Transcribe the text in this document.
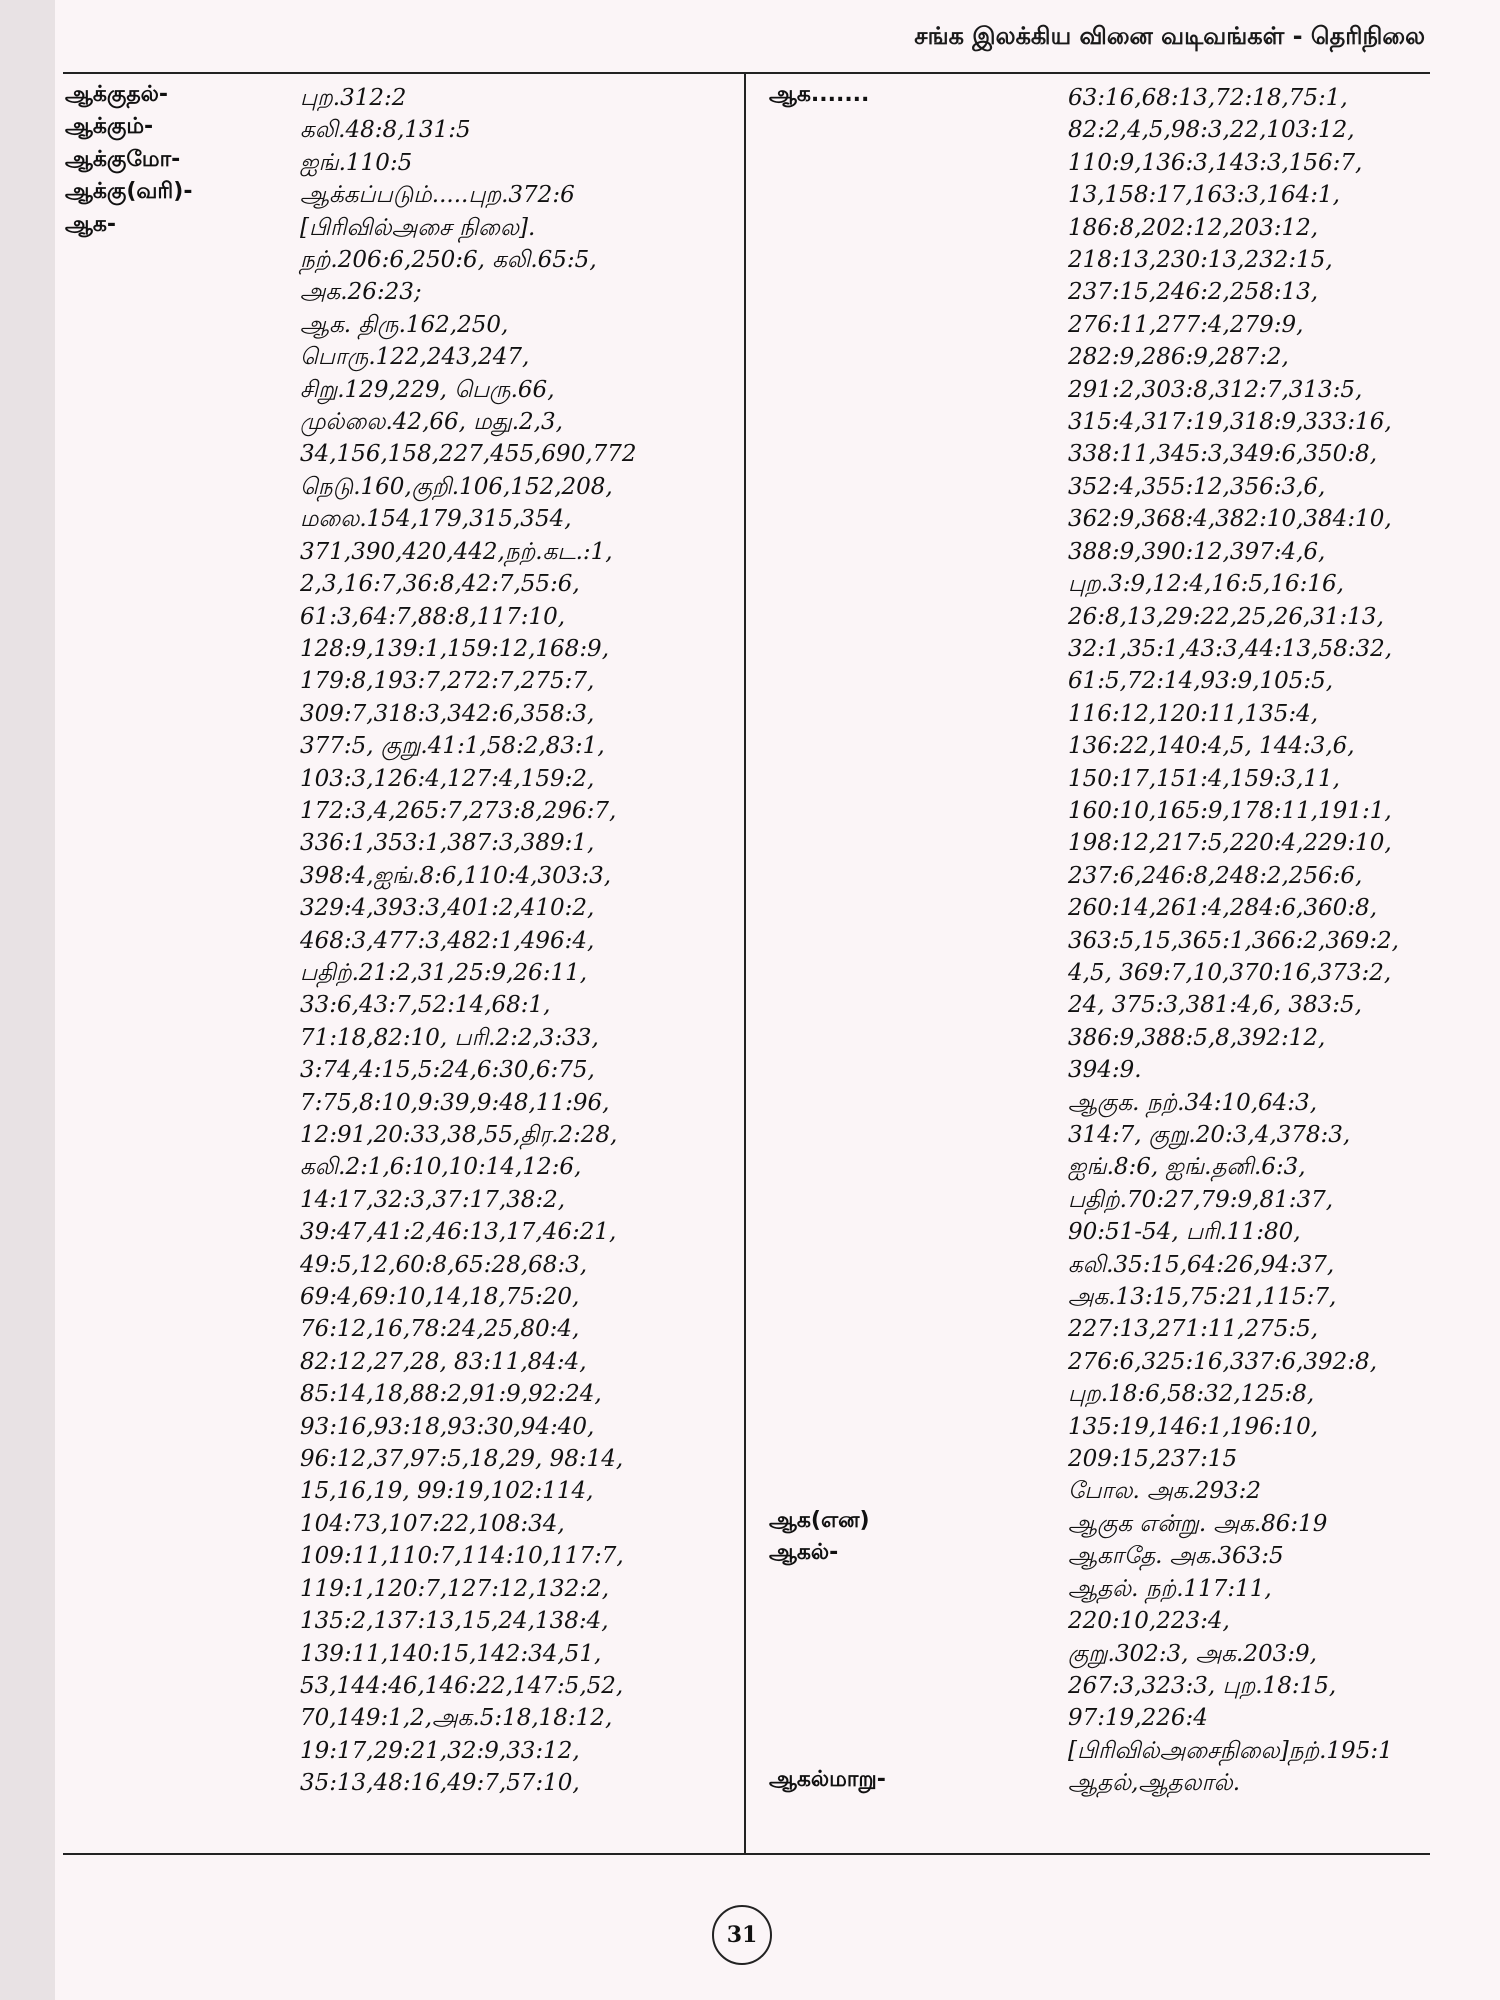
சங்க இலக்கிய வினை வடிவங்கள் - தெரிநிலை
ஆக்குதல்-	புற.312:2
ஆக்கும்-	கலி.48:8,131:5
ஆக்குமோ-	ஐங்.110:5
ஆக்கு(வரி)-	ஆக்கப்படும்.....புற.372:6
ஆக-	[பிரிவில்அசை நிலை].
நற்.206:6,250:6, கலி.65:5,
அக.26:23;
ஆக. திரு.162,250,
பொரு.122,243,247,
சிறு.129,229, பெரு.66,
முல்லை.42,66, மது.2,3,
34,156,158,227,455,690,772
நெடு.160,குறி.106,152,208,
மலை.154,179,315,354,
371,390,420,442,நற்.கட.:1,
2,3,16:7,36:8,42:7,55:6,
61:3,64:7,88:8,117:10,
128:9,139:1,159:12,168:9,
179:8,193:7,272:7,275:7,
309:7,318:3,342:6,358:3,
377:5, குறு.41:1,58:2,83:1,
103:3,126:4,127:4,159:2,
172:3,4,265:7,273:8,296:7,
336:1,353:1,387:3,389:1,
398:4,ஐங்.8:6,110:4,303:3,
329:4,393:3,401:2,410:2,
468:3,477:3,482:1,496:4,
பதிற்.21:2,31,25:9,26:11,
33:6,43:7,52:14,68:1,
71:18,82:10, பரி.2:2,3:33,
3:74,4:15,5:24,6:30,6:75,
7:75,8:10,9:39,9:48,11:96,
12:91,20:33,38,55,திர.2:28,
கலி.2:1,6:10,10:14,12:6,
14:17,32:3,37:17,38:2,
39:47,41:2,46:13,17,46:21,
49:5,12,60:8,65:28,68:3,
69:4,69:10,14,18,75:20,
76:12,16,78:24,25,80:4,
82:12,27,28, 83:11,84:4,
85:14,18,88:2,91:9,92:24,
93:16,93:18,93:30,94:40,
96:12,37,97:5,18,29, 98:14,
15,16,19, 99:19,102:114,
104:73,107:22,108:34,
109:11,110:7,114:10,117:7,
119:1,120:7,127:12,132:2,
135:2,137:13,15,24,138:4,
139:11,140:15,142:34,51,
53,144:46,146:22,147:5,52,
70,149:1,2,அக.5:18,18:12,
19:17,29:21,32:9,33:12,
35:13,48:16,49:7,57:10,
ஆக.......	63:16,68:13,72:18,75:1,
82:2,4,5,98:3,22,103:12,
110:9,136:3,143:3,156:7,
13,158:17,163:3,164:1,
186:8,202:12,203:12,
218:13,230:13,232:15,
237:15,246:2,258:13,
276:11,277:4,279:9,
282:9,286:9,287:2,
291:2,303:8,312:7,313:5,
315:4,317:19,318:9,333:16,
338:11,345:3,349:6,350:8,
352:4,355:12,356:3,6,
362:9,368:4,382:10,384:10,
388:9,390:12,397:4,6,
புற.3:9,12:4,16:5,16:16,
26:8,13,29:22,25,26,31:13,
32:1,35:1,43:3,44:13,58:32,
61:5,72:14,93:9,105:5,
116:12,120:11,135:4,
136:22,140:4,5, 144:3,6,
150:17,151:4,159:3,11,
160:10,165:9,178:11,191:1,
198:12,217:5,220:4,229:10,
237:6,246:8,248:2,256:6,
260:14,261:4,284:6,360:8,
363:5,15,365:1,366:2,369:2,
4,5, 369:7,10,370:16,373:2,
24, 375:3,381:4,6, 383:5,
386:9,388:5,8,392:12,
394:9.
ஆகுக. நற்.34:10,64:3,
314:7, குறு.20:3,4,378:3,
ஐங்.8:6, ஐங்.தனி.6:3,
பதிற்.70:27,79:9,81:37,
90:51-54, பரி.11:80,
கலி.35:15,64:26,94:37,
அக.13:15,75:21,115:7,
227:13,271:11,275:5,
276:6,325:16,337:6,392:8,
புற.18:6,58:32,125:8,
135:19,146:1,196:10,
209:15,237:15
போல. அக.293:2
ஆக(என)	ஆகுக என்று. அக.86:19
ஆகல்-	ஆகாதே. அக.363:5
ஆதல். நற்.117:11,
220:10,223:4,
குறு.302:3, அக.203:9,
267:3,323:3, புற.18:15,
97:19,226:4
[பிரிவில்அசைநிலை]நற்.195:1
ஆகல்மாறு-	ஆதல்,ஆதலால்.
31
